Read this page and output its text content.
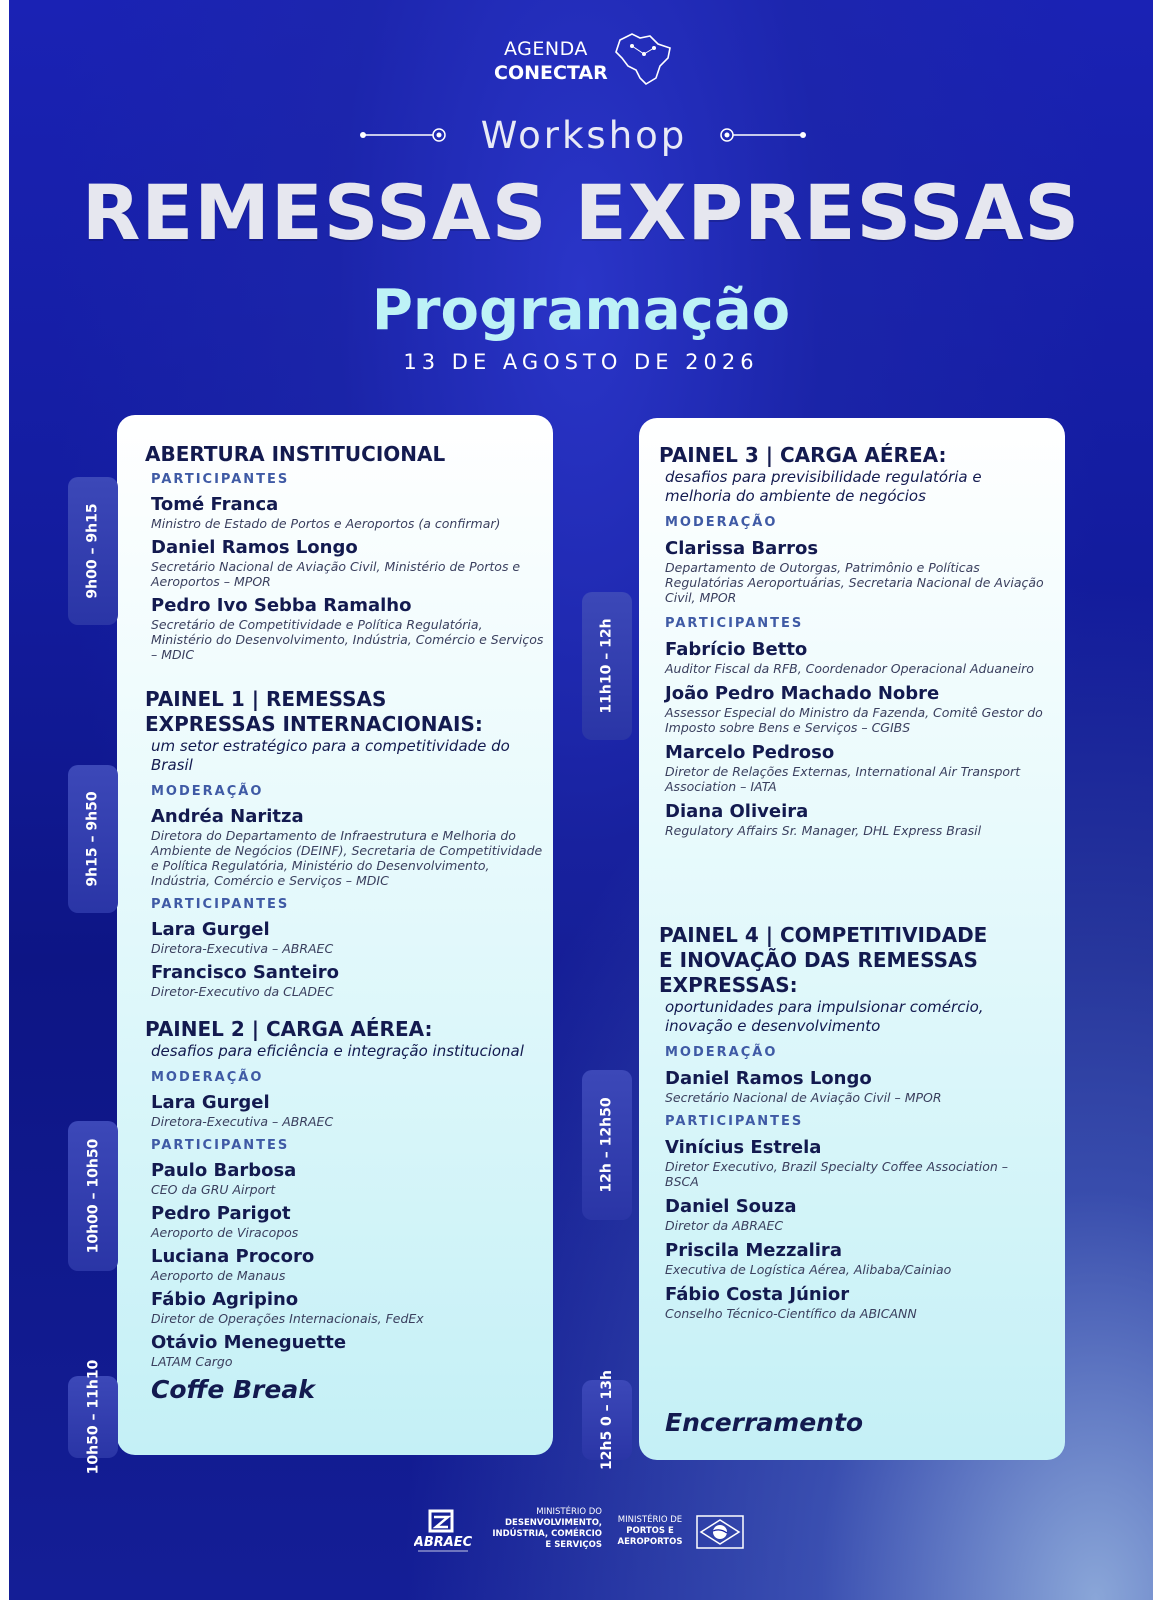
AGENDA
CONECTAR
Workshop
REMESSAS EXPRESSAS
Programação
13 DE AGOSTO DE 2026
ABERTURA INSTITUCIONAL
PARTICIPANTES
Tomé Franca
Ministro de Estado de Portos e Aeroportos (a confirmar)
Daniel Ramos Longo
Secretário Nacional de Aviação Civil, Ministério de Portos e Aeroportos – MPOR
Pedro Ivo Sebba Ramalho
Secretário de Competitividade e Política Regulatória, Ministério do Desenvolvimento, Indústria, Comércio e Serviços – MDIC
PAINEL 1 | REMESSAS EXPRESSAS INTERNACIONAIS:
um setor estratégico para a competitividade do Brasil
MODERAÇÃO
Andréa Naritza
Diretora do Departamento de Infraestrutura e Melhoria do Ambiente de Negócios (DEINF), Secretaria de Competitividade e Política Regulatória, Ministério do Desenvolvimento, Indústria, Comércio e Serviços – MDIC
PARTICIPANTES
Lara Gurgel
Diretora-Executiva – ABRAEC
Francisco Santeiro
Diretor-Executivo da CLADEC
PAINEL 2 | CARGA AÉREA:
desafios para eficiência e integração institucional
MODERAÇÃO
Lara Gurgel
Diretora-Executiva – ABRAEC
PARTICIPANTES
Paulo Barbosa
CEO da GRU Airport
Pedro Parigot
Aeroporto de Viracopos
Luciana Procoro
Aeroporto de Manaus
Fábio Agripino
Diretor de Operações Internacionais, FedEx
Otávio Meneguette
LATAM Cargo
Coffe Break
PAINEL 3 | CARGA AÉREA:
desafios para previsibilidade regulatória e melhoria do ambiente de negócios
MODERAÇÃO
Clarissa Barros
Departamento de Outorgas, Patrimônio e Políticas Regulatórias Aeroportuárias, Secretaria Nacional de Aviação Civil, MPOR
PARTICIPANTES
Fabrício Betto
Auditor Fiscal da RFB, Coordenador Operacional Aduaneiro
João Pedro Machado Nobre
Assessor Especial do Ministro da Fazenda, Comitê Gestor do Imposto sobre Bens e Serviços – CGIBS
Marcelo Pedroso
Diretor de Relações Externas, International Air Transport Association – IATA
Diana Oliveira
Regulatory Affairs Sr. Manager, DHL Express Brasil
PAINEL 4 | COMPETITIVIDADE E INOVAÇÃO DAS REMESSAS EXPRESSAS:
oportunidades para impulsionar comércio, inovação e desenvolvimento
MODERAÇÃO
Daniel Ramos Longo
Secretário Nacional de Aviação Civil – MPOR
PARTICIPANTES
Vinícius Estrela
Diretor Executivo, Brazil Specialty Coffee Association – BSCA
Daniel Souza
Diretor da ABRAEC
Priscila Mezzalira
Executiva de Logística Aérea, Alibaba/Cainiao
Fábio Costa Júnior
Conselho Técnico-Científico da ABICANN
Encerramento
9h00 – 9h15
9h15 – 9h50
10h00 – 10h50
10h50 – 11h10
11h10 – 12h
12h – 12h50
12h5 0 – 13h
ABRAEC
MINISTÉRIO DO
DESENVOLVIMENTO,
INDÚSTRIA, COMÉRCIO
E SERVIÇOS
MINISTÉRIO DE
PORTOS E
AEROPORTOS
